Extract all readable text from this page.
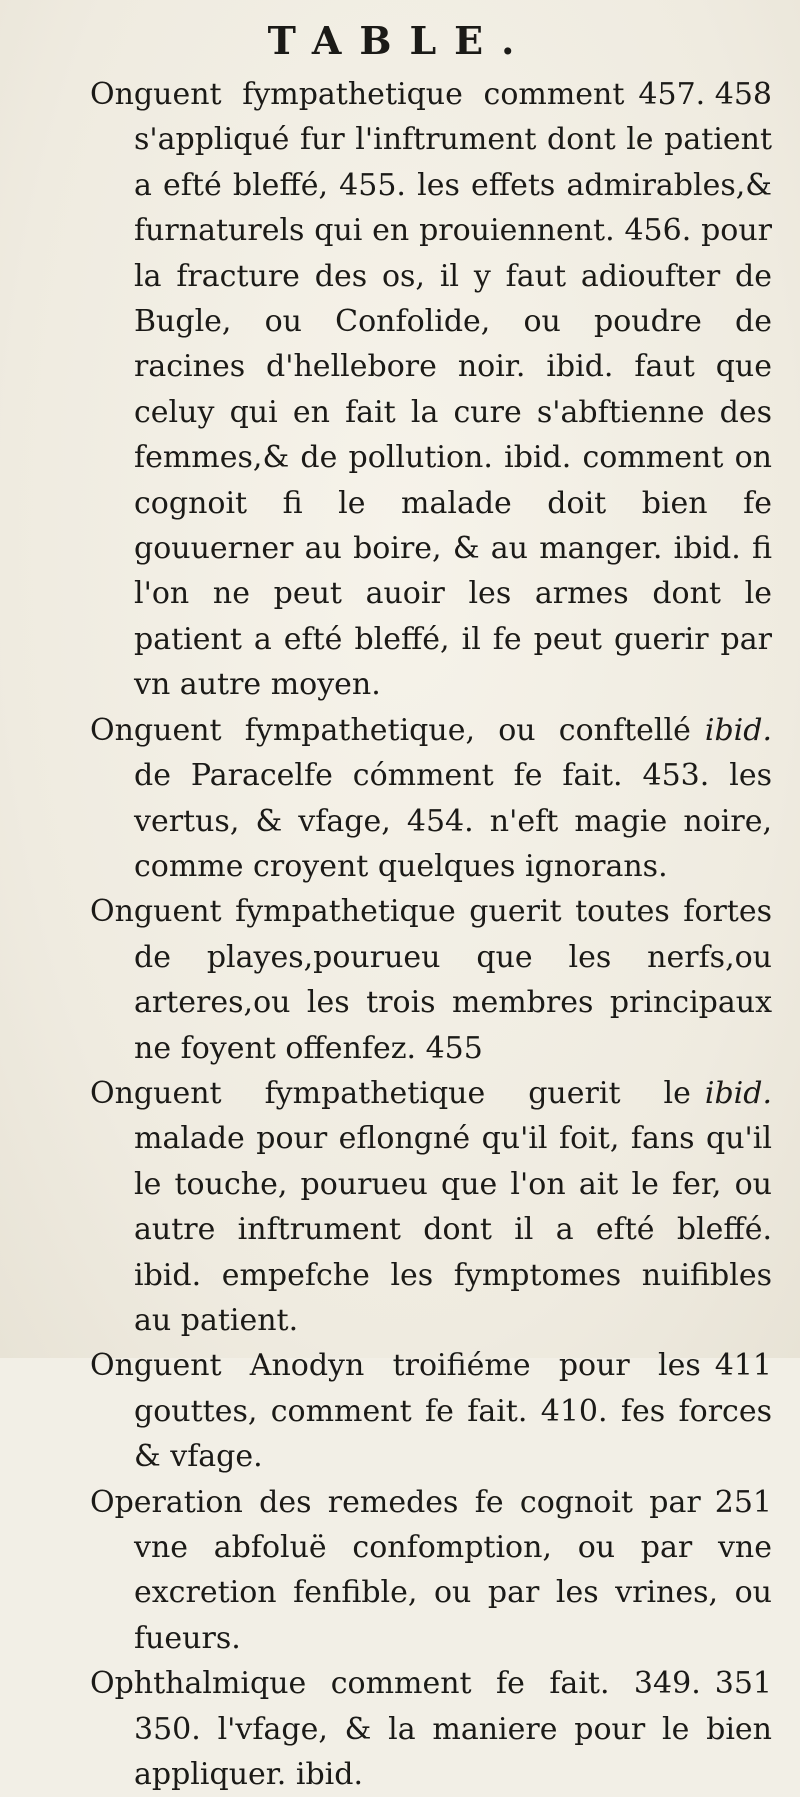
TABLE.

457. 458
Onguent fympathetique comment s'appliqué fur l'inftrument dont le patient a efté bleffé, 455. les effets admirables,& furnaturels qui en prouiennent. 456. pour la fracture des os, il y faut adioufter de Bugle, ou Confolide, ou poudre de racines d'hellebore noir. ibid. faut que celuy qui en fait la cure s'abftienne des femmes,& de pollution. ibid. comment on cognoit fi le malade doit bien fe gouuerner au boire, & au manger. ibid. fi l'on ne peut auoir les armes dont le patient a efté bleffé, il fe peut guerir par vn autre moyen.

ibid.
Onguent fympathetique, ou conftellé de Paracelfe cómment fe fait. 453. les vertus, & vfage, 454. n'eft magie noire, comme croyent quelques ignorans.

Onguent fympathetique guerit toutes fortes de playes,pourueu que les nerfs,ou arteres,ou les trois membres principaux ne foyent offenfez. 455

ibid.
Onguent fympathetique guerit le malade pour eflongné qu'il foit, fans qu'il le touche, pourueu que l'on ait le fer, ou autre inftrument dont il a efté bleffé. ibid. empefche les fymptomes nuifibles au patient.

411
Onguent Anodyn troifiéme pour les gouttes, comment fe fait. 410. fes forces & vfage.

251
Operation des remedes fe cognoit par vne abfoluë confomption, ou par vne excretion fenfible, ou par les vrines, ou fueurs.

351
Ophthalmique comment fe fait. 349. 350. l'vfage, & la maniere pour le bien appliquer. ibid.
